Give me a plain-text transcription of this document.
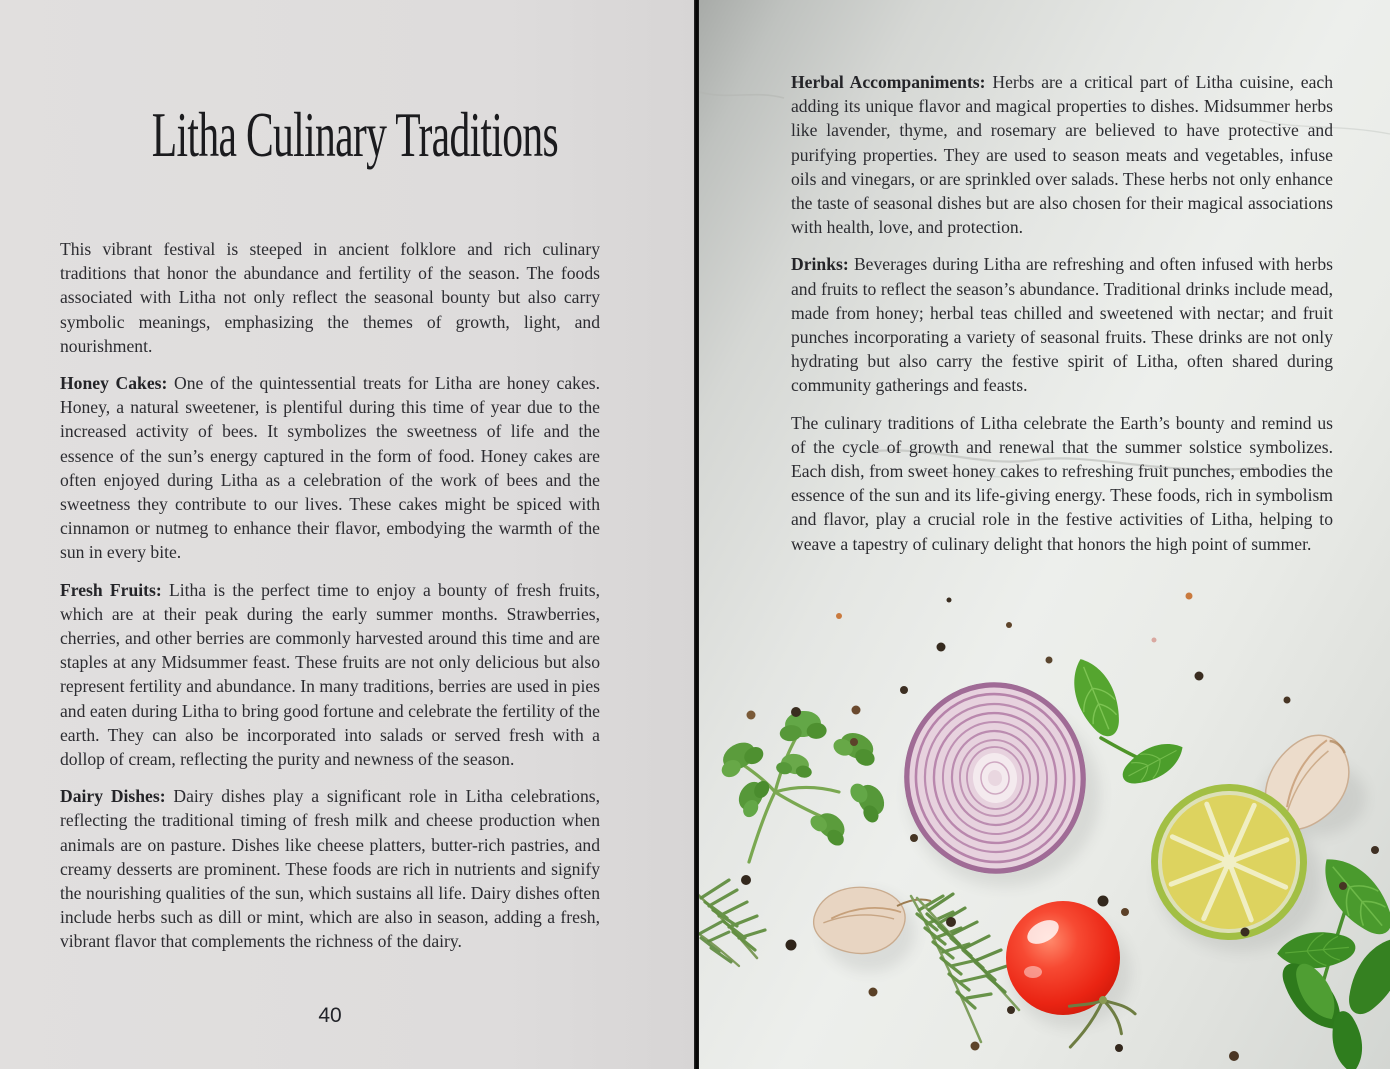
Litha Culinary Traditions

This vibrant festival is steeped in ancient folklore and rich culinary traditions that honor the abundance and fertility of the season. The foods associated with Litha not only reflect the seasonal bounty but also carry symbolic meanings, emphasizing the themes of growth, light, and nourishment.

Honey Cakes: One of the quintessential treats for Litha are honey cakes. Honey, a natural sweetener, is plentiful during this time of year due to the increased activity of bees. It symbolizes the sweetness of life and the essence of the sun’s energy captured in the form of food. Honey cakes are often enjoyed during Litha as a celebration of the work of bees and the sweetness they contribute to our lives. These cakes might be spiced with cinnamon or nutmeg to enhance their flavor, embodying the warmth of the sun in every bite.

Fresh Fruits: Litha is the perfect time to enjoy a bounty of fresh fruits, which are at their peak during the early summer months. Strawberries, cherries, and other berries are commonly harvested around this time and are staples at any Midsummer feast. These fruits are not only delicious but also represent fertility and abundance. In many traditions, berries are used in pies and eaten during Litha to bring good fortune and celebrate the fertility of the earth. They can also be incorporated into salads or served fresh with a dollop of cream, reflecting the purity and newness of the season.

Dairy Dishes: Dairy dishes play a significant role in Litha celebrations, reflecting the traditional timing of fresh milk and cheese production when animals are on pasture. Dishes like cheese platters, butter-rich pastries, and creamy desserts are prominent. These foods are rich in nutrients and signify the nourishing qualities of the sun, which sustains all life. Dairy dishes often include herbs such as dill or mint, which are also in season, adding a fresh, vibrant flavor that complements the richness of the dairy.

40

Herbal Accompaniments: Herbs are a critical part of Litha cuisine, each adding its unique flavor and magical properties to dishes. Midsummer herbs like lavender, thyme, and rosemary are believed to have protective and purifying properties. They are used to season meats and vegetables, infuse oils and vinegars, or are sprinkled over salads. These herbs not only enhance the taste of seasonal dishes but are also chosen for their magical associations with health, love, and protection.

Drinks: Beverages during Litha are refreshing and often infused with herbs and fruits to reflect the season’s abundance. Traditional drinks include mead, made from honey; herbal teas chilled and sweetened with nectar; and fruit punches incorporating a variety of seasonal fruits. These drinks are not only hydrating but also carry the festive spirit of Litha, often shared during community gatherings and feasts.

The culinary traditions of Litha celebrate the Earth’s bounty and remind us of the cycle of growth and renewal that the summer solstice symbolizes. Each dish, from sweet honey cakes to refreshing fruit punches, embodies the essence of the sun and its life-giving energy. These foods, rich in symbolism and flavor, play a crucial role in the festive activities of Litha, helping to weave a tapestry of culinary delight that honors the high point of summer.
